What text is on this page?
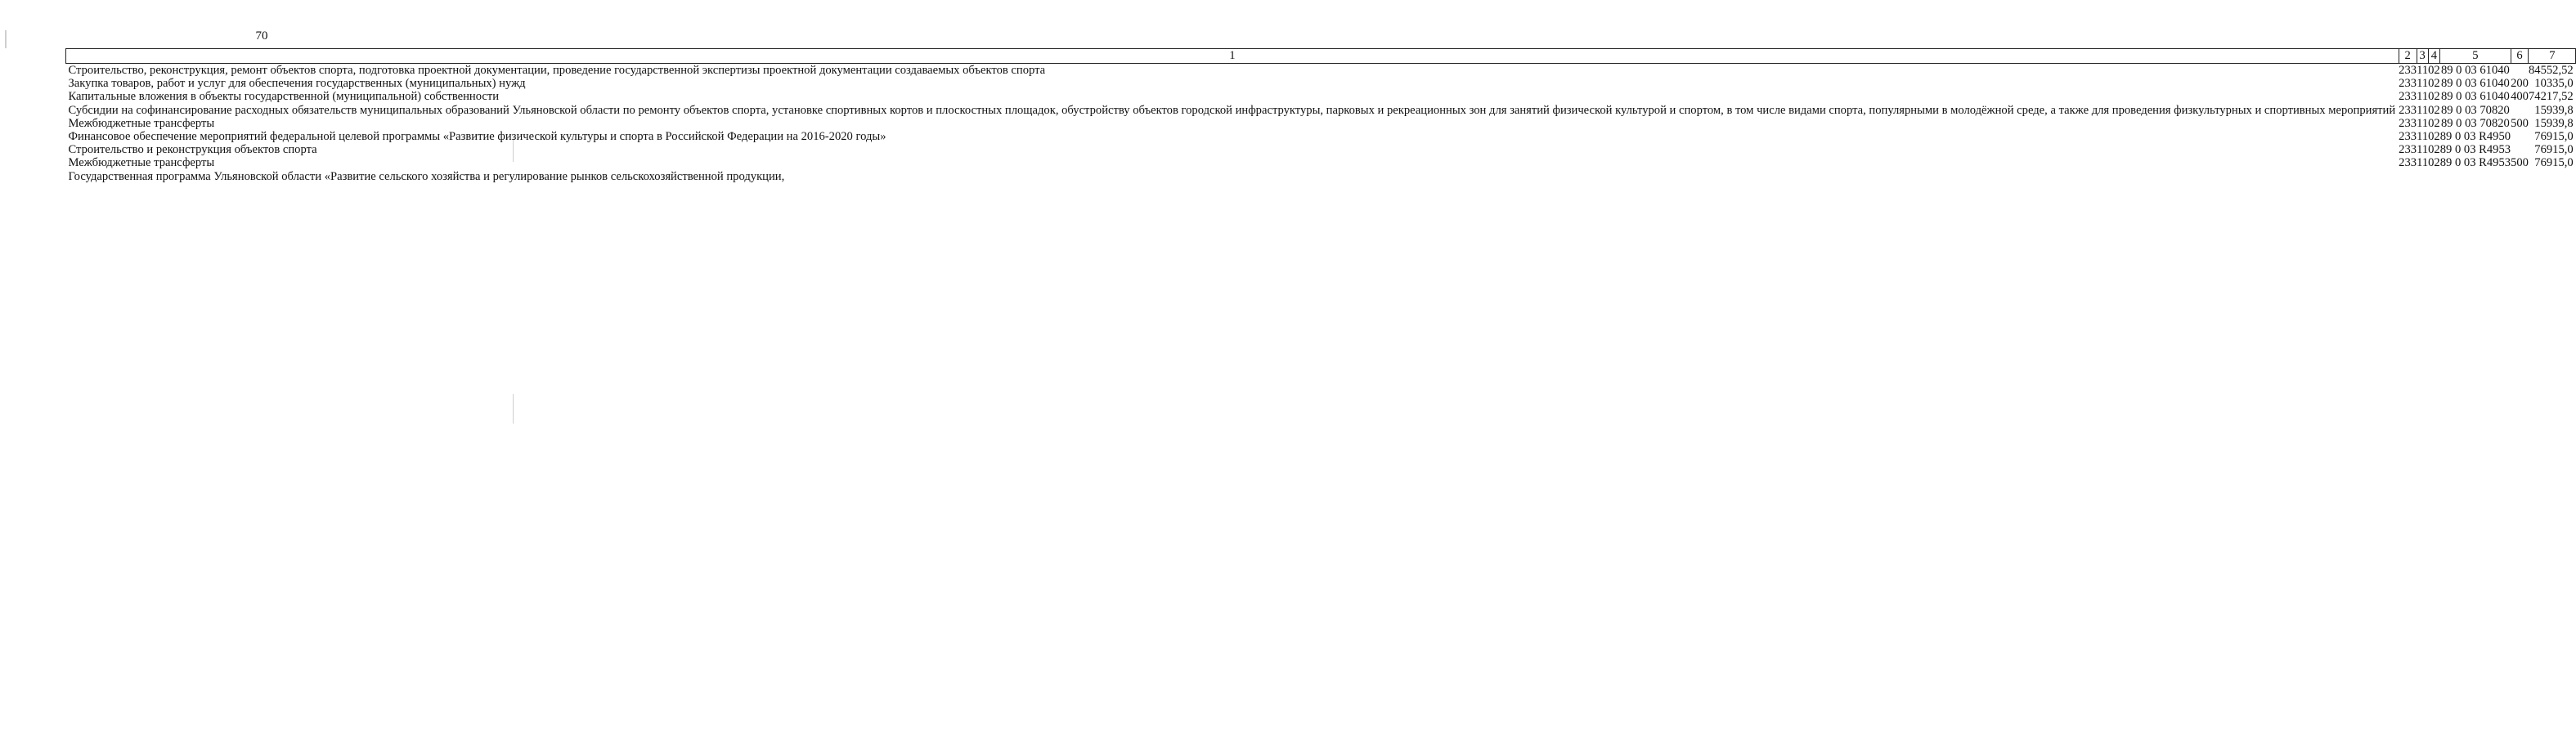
70
1	2	3	4	5	6	7
Строительство, реконструкция, ремонт объектов спорта, подготовка проектной документации, проведение государственной экспертизы проектной документации создаваемых объектов спорта	233	11	02	89 0 03 61040		84552,52
Закупка товаров, работ и услуг для обеспечения государственных (муниципальных) нужд	233	11	02	89 0 03 61040	200	10335,0
Капитальные вложения в объекты государственной (муниципальной) собственности	233	11	02	89 0 03 61040	400	74217,52
Субсидии на софинансирование расходных обязательств муниципальных образований Ульяновской области по ремонту объектов спорта, установке спортивных кортов и плоскостных площадок, обустройству объектов городской инфраструктуры, парковых и рекреационных зон для занятий физической культурой и спортом, в том числе видами спорта, популярными в молодёжной среде, а также для проведения физкультурных и спортивных мероприятий	233	11	02	89 0 03 70820		15939,8
Межбюджетные трансферты	233	11	02	89 0 03 70820	500	15939,8
Финансовое обеспечение мероприятий федеральной целевой программы «Развитие физической культуры и спорта в Российской Федерации на 2016-2020 годы»	233	11	02	89 0 03 R4950		76915,0
Строительство и реконструкция объектов спорта	233	11	02	89 0 03 R4953		76915,0
Межбюджетные трансферты	233	11	02	89 0 03 R4953	500	76915,0
Государственная программа Ульяновской области «Развитие сельского хозяйства и регулирование рынков сельскохозяйственной продукции,						
